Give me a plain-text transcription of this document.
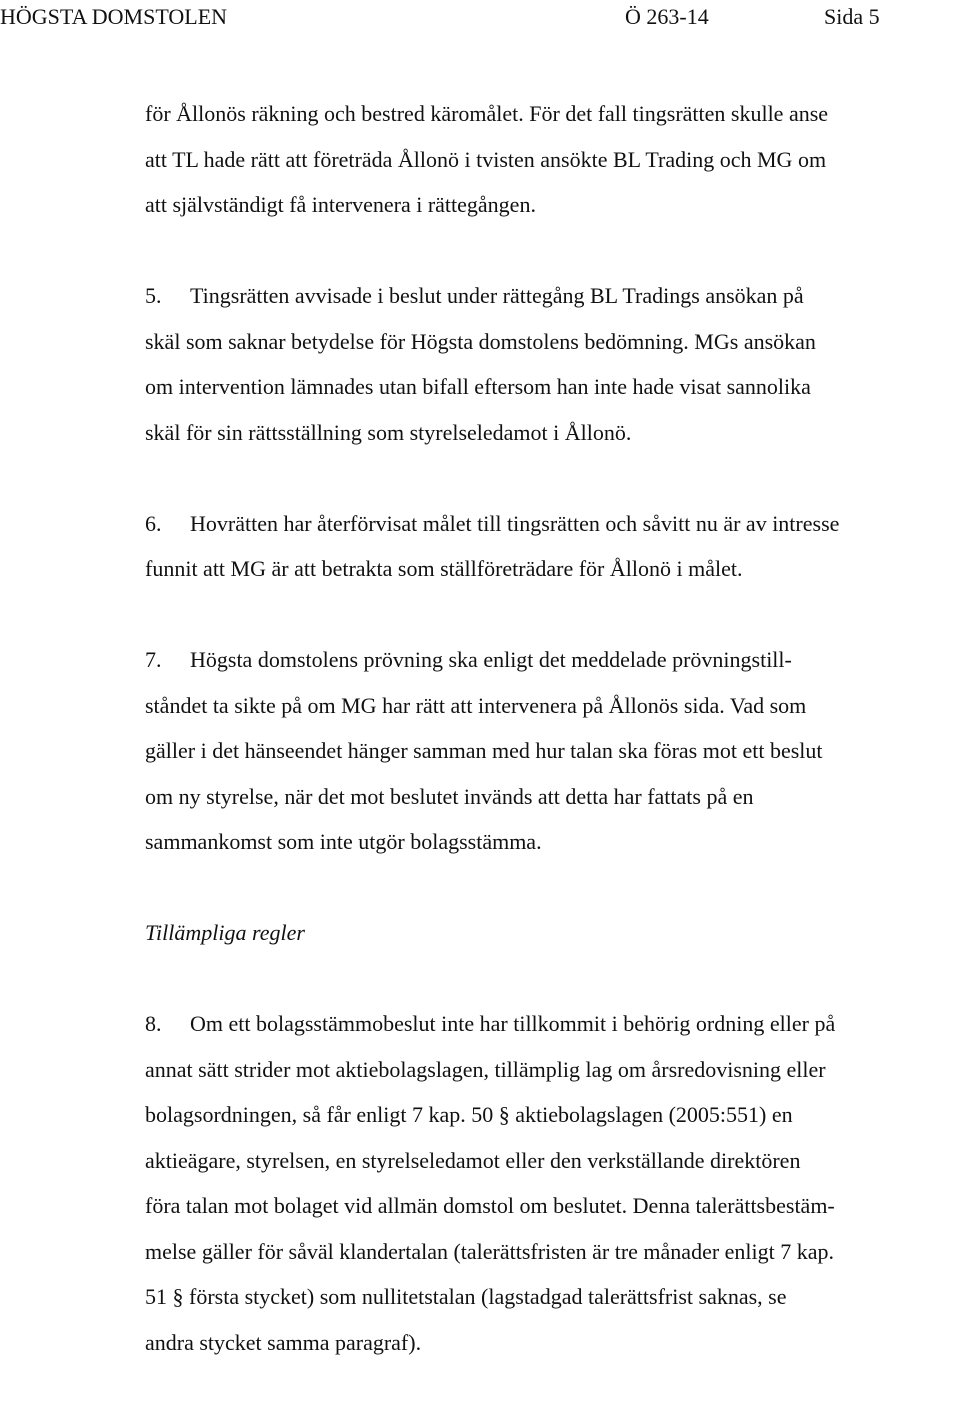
HÖGSTA DOMSTOLEN	Ö 263-14	Sida 5
för Ållonös räkning och bestred käromålet. För det fall tingsrätten skulle anse
att TL hade rätt att företräda Ållonö i tvisten ansökte BL Trading och MG om
att självständigt få intervenera i rättegången.
5. Tingsrätten avvisade i beslut under rättegång BL Tradings ansökan på
skäl som saknar betydelse för Högsta domstolens bedömning. MGs ansökan
om intervention lämnades utan bifall eftersom han inte hade visat sannolika
skäl för sin rättsställning som styrelseledamot i Ållonö.
6. Hovrätten har återförvisat målet till tingsrätten och såvitt nu är av intresse
funnit att MG är att betrakta som ställföreträdare för Ållonö i målet.
7. Högsta domstolens prövning ska enligt det meddelade prövningstill-
ståndet ta sikte på om MG har rätt att intervenera på Ållonös sida. Vad som
gäller i det hänseendet hänger samman med hur talan ska föras mot ett beslut
om ny styrelse, när det mot beslutet invänds att detta har fattats på en
sammankomst som inte utgör bolagsstämma.
Tillämpliga regler
8. Om ett bolagsstämmobeslut inte har tillkommit i behörig ordning eller på
annat sätt strider mot aktiebolagslagen, tillämplig lag om årsredovisning eller
bolagsordningen, så får enligt 7 kap. 50 § aktiebolagslagen (2005:551) en
aktieägare, styrelsen, en styrelseledamot eller den verkställande direktören
föra talan mot bolaget vid allmän domstol om beslutet. Denna talerättsbestäm-
melse gäller för såväl klandertalan (talerättsfristen är tre månader enligt 7 kap.
51 § första stycket) som nullitetstalan (lagstadgad talerättsfrist saknas, se
andra stycket samma paragraf).
